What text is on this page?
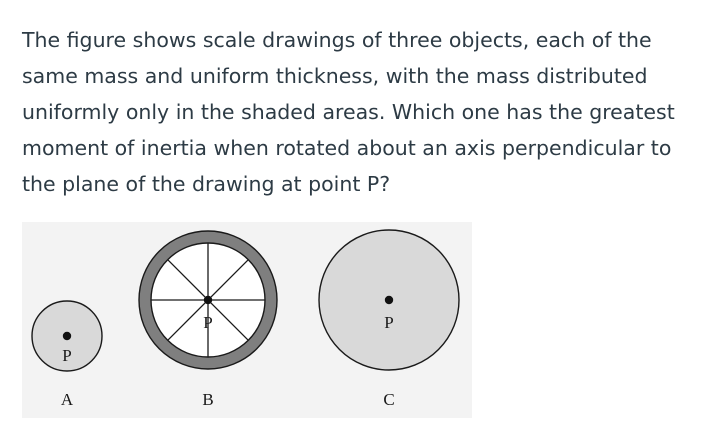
The figure shows scale drawings of three objects, each of the same mass and uniform thickness, with the mass distributed uniformly only in the shaded areas. Which one has the greatest moment of inertia when rotated about an axis perpendicular to the plane of the drawing at point P?

P
A
P
B
P
C
